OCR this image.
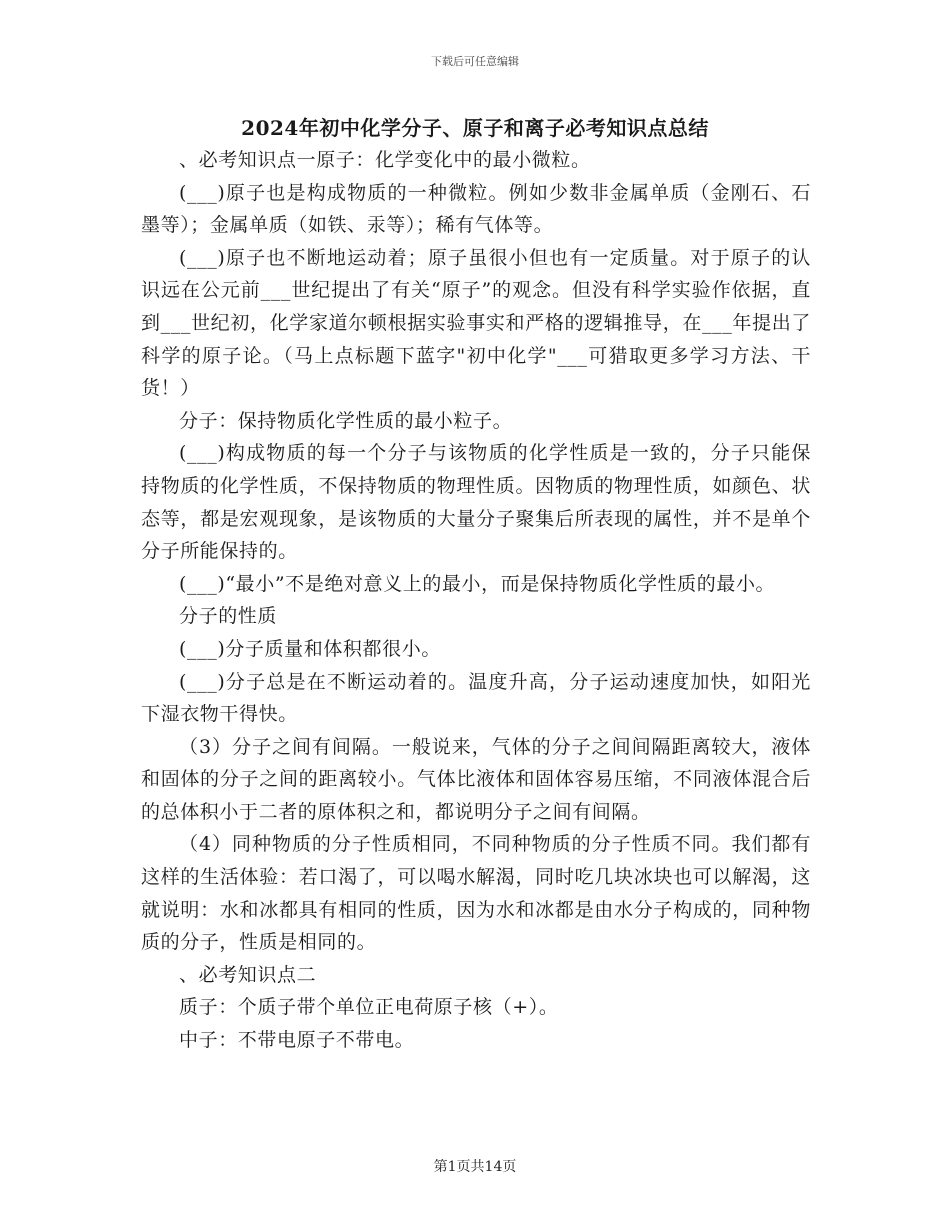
下载后可任意编辑
2024年初中化学分子、原子和离子必考知识点总结

、必考知识点一原子：化学变化中的最小微粒。

(___)原子也是构成物质的一种微粒。例如少数非金属单质（金刚石、石墨等）；金属单质（如铁、汞等）；稀有气体等。

(___)原子也不断地运动着；原子虽很小但也有一定质量。对于原子的认识远在公元前___世纪提出了有关“原子”的观念。但没有科学实验作依据，直到___世纪初，化学家道尔顿根据实验事实和严格的逻辑推导，在___年提出了科学的原子论。（马上点标题下蓝字"初中化学"___可猎取更多学习方法、干货！）

分子：保持物质化学性质的最小粒子。

(___)构成物质的每一个分子与该物质的化学性质是一致的，分子只能保持物质的化学性质，不保持物质的物理性质。因物质的物理性质，如颜色、状态等，都是宏观现象，是该物质的大量分子聚集后所表现的属性，并不是单个分子所能保持的。

(___)“最小”不是绝对意义上的最小，而是保持物质化学性质的最小。

分子的性质

(___)分子质量和体积都很小。

(___)分子总是在不断运动着的。温度升高，分子运动速度加快，如阳光下湿衣物干得快。

（3）分子之间有间隔。一般说来，气体的分子之间间隔距离较大，液体和固体的分子之间的距离较小。气体比液体和固体容易压缩，不同液体混合后的总体积小于二者的原体积之和，都说明分子之间有间隔。

（4）同种物质的分子性质相同，不同种物质的分子性质不同。我们都有这样的生活体验：若口渴了，可以喝水解渴，同时吃几块冰块也可以解渴，这就说明：水和冰都具有相同的性质，因为水和冰都是由水分子构成的，同种物质的分子，性质是相同的。

、必考知识点二

质子：个质子带个单位正电荷原子核（+）。

中子：不带电原子不带电。

第1页共14页
